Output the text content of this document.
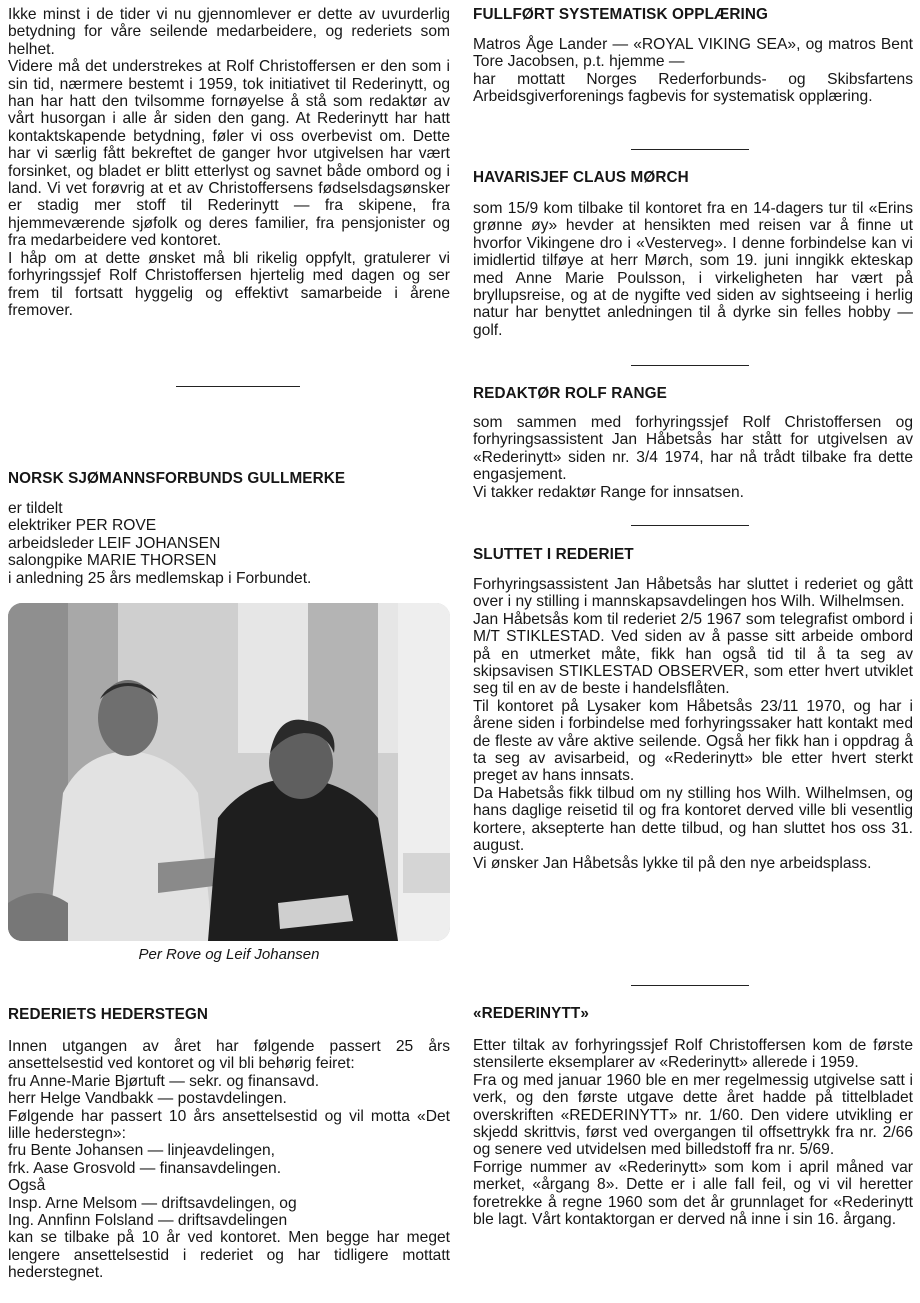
Ikke minst i de tider vi nu gjennomlever er dette av uvurderlig betydning for våre seilende medarbeidere, og rederiets som helhet.

Videre må det understrekes at Rolf Christoffersen er den som i sin tid, nærmere bestemt i 1959, tok initiativet til Rederinytt, og han har hatt den tvilsomme fornøyelse å stå som redaktør av vårt husorgan i alle år siden den gang. At Rederinytt har hatt kontaktskapende betydning, føler vi oss overbevist om. Dette har vi særlig fått bekreftet de ganger hvor utgivelsen har vært forsinket, og bladet er blitt etterlyst og savnet både ombord og i land. Vi vet forøvrig at et av Christoffersens fødselsdagsønsker er stadig mer stoff til Rederinytt — fra skipene, fra hjemmeværende sjøfolk og deres familier, fra pensjonister og fra medarbeidere ved kontoret.

I håp om at dette ønsket må bli rikelig oppfylt, gratulerer vi forhyringssjef Rolf Christoffersen hjertelig med dagen og ser frem til fortsatt hyggelig og effektivt samarbeide i årene fremover.

NORSK SJØMANNSFORBUNDS GULLMERKE

er tildelt

elektriker PER ROVE

arbeidsleder LEIF JOHANSEN

salongpike MARIE THORSEN

i anledning 25 års medlemskap i Forbundet.

Per Rove og Leif Johansen
REDERIETS HEDERSTEGN

Innen utgangen av året har følgende passert 25 års ansettelsestid ved kontoret og vil bli behørig feiret:

fru Anne-Marie Bjørtuft — sekr. og finansavd.

herr Helge Vandbakk — postavdelingen.

Følgende har passert 10 års ansettelsestid og vil motta «Det lille hederstegn»:

fru Bente Johansen — linjeavdelingen,

frk. Aase Grosvold — finansavdelingen.

Også

Insp. Arne Melsom — driftsavdelingen, og

Ing. Annfinn Folsland — driftsavdelingen

kan se tilbake på 10 år ved kontoret. Men begge har meget lengere ansettelsestid i rederiet og har tidligere mottatt hederstegnet.

FULLFØRT SYSTEMATISK OPPLÆRING

Matros Åge Lander — «ROYAL VIKING SEA», og matros Bent Tore Jacobsen, p.t. hjemme —

har mottatt Norges Rederforbunds- og Skibsfartens Arbeidsgiverforenings fagbevis for systematisk opplæring.

HAVARISJEF CLAUS MØRCH

som 15/9 kom tilbake til kontoret fra en 14-dagers tur til «Erins grønne øy» hevder at hensikten med reisen var å finne ut hvorfor Vikingene dro i «Vesterveg». I denne forbindelse kan vi imidlertid tilføye at herr Mørch, som 19. juni inngikk ekteskap med Anne Marie Poulsson, i virkeligheten har vært på bryllupsreise, og at de nygifte ved siden av sightseeing i herlig natur har benyttet anledningen til å dyrke sin felles hobby — golf.

REDAKTØR ROLF RANGE

som sammen med forhyringssjef Rolf Christoffersen og forhyringsassistent Jan Håbetsås har stått for utgivelsen av «Rederinytt» siden nr. 3/4 1974, har nå trådt tilbake fra dette engasjement.

Vi takker redaktør Range for innsatsen.

SLUTTET I REDERIET

Forhyringsassistent Jan Håbetsås har sluttet i rederiet og gått over i ny stilling i mannskapsavdelingen hos Wilh. Wilhelmsen.

Jan Håbetsås kom til rederiet 2/5 1967 som telegrafist ombord i M/T STIKLESTAD. Ved siden av å passe sitt arbeide ombord på en utmerket måte, fikk han også tid til å ta seg av skipsavisen STIKLESTAD OBSERVER, som etter hvert utviklet seg til en av de beste i handelsflåten.

Til kontoret på Lysaker kom Håbetsås 23/11 1970, og har i årene siden i forbindelse med forhyringssaker hatt kontakt med de fleste av våre aktive seilende. Også her fikk han i oppdrag å ta seg av avisarbeid, og «Rederinytt» ble etter hvert sterkt preget av hans innsats.

Da Habetsås fikk tilbud om ny stilling hos Wilh. Wilhelmsen, og hans daglige reisetid til og fra kontoret derved ville bli vesentlig kortere, aksepterte han dette tilbud, og han sluttet hos oss 31. august.

Vi ønsker Jan Håbetsås lykke til på den nye arbeidsplass.

«REDERINYTT»

Etter tiltak av forhyringssjef Rolf Christoffersen kom de første stensilerte eksemplarer av «Rederinytt» allerede i 1959.

Fra og med januar 1960 ble en mer regelmessig utgivelse satt i verk, og den første utgave dette året hadde på tittelbladet overskriften «REDERINYTT» nr. 1/60. Den videre utvikling er skjedd skrittvis, først ved overgangen til offsettrykk fra nr. 2/66 og senere ved utvidelsen med billedstoff fra nr. 5/69.

Forrige nummer av «Rederinytt» som kom i april måned var merket, «årgang 8». Dette er i alle fall feil, og vi vil heretter foretrekke å regne 1960 som det år grunnlaget for «Rederinytt ble lagt. Vårt kontaktorgan er derved nå inne i sin 16. årgang.
